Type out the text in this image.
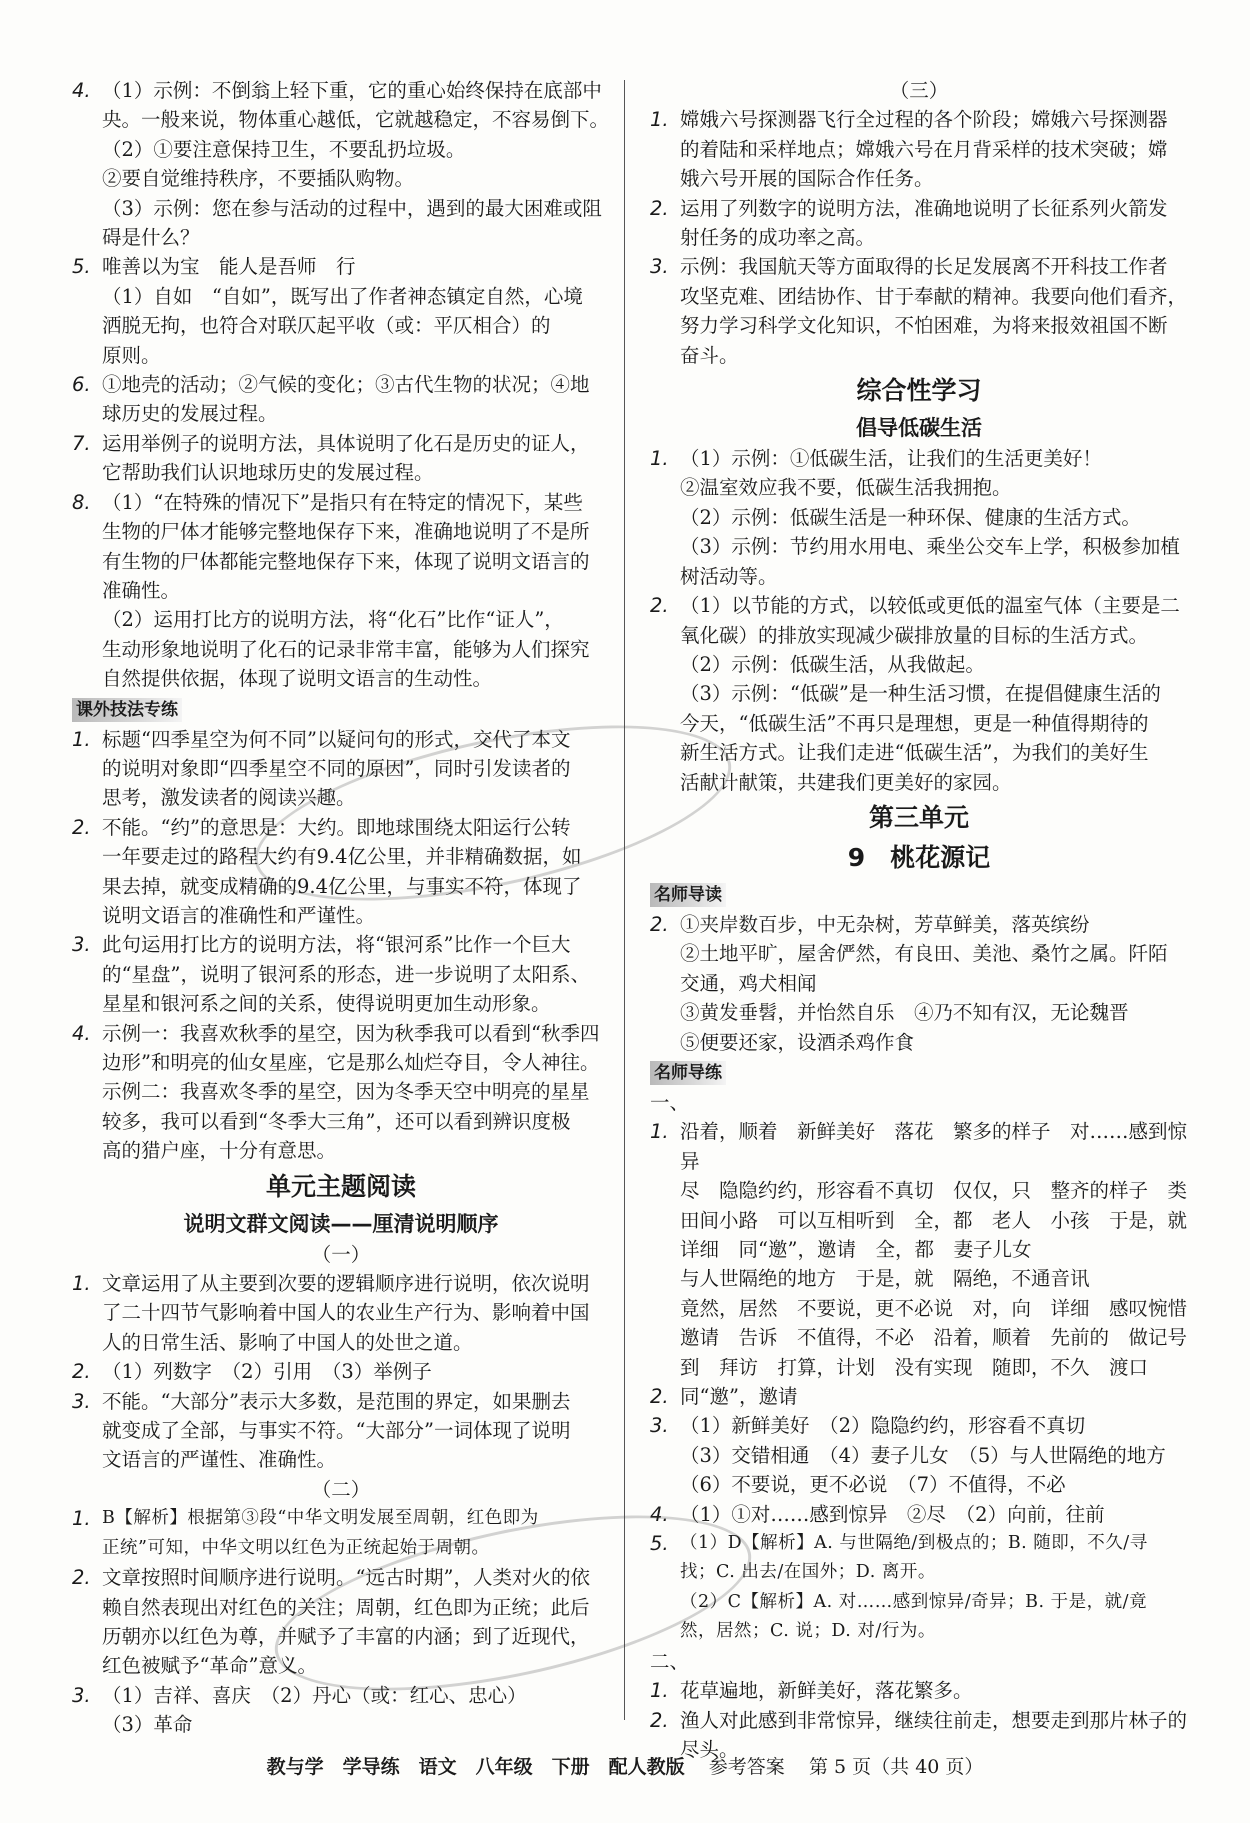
4. （1）示例：不倒翁上轻下重，它的重心始终保持在底部中
央。一般来说，物体重心越低，它就越稳定，不容易倒下。
（2）①要注意保持卫生，不要乱扔垃圾。
②要自觉维持秩序，不要插队购物。
（3）示例：您在参与活动的过程中，遇到的最大困难或阻
碍是什么？
5. 唯善以为宝　能人是吾师　行
（1）自如　“自如”，既写出了作者神态镇定自然，心境
洒脱无拘，也符合对联仄起平收（或：平仄相合）的
原则。
6. ①地壳的活动；②气候的变化；③古代生物的状况；④地
球历史的发展过程。
7. 运用举例子的说明方法，具体说明了化石是历史的证人，
它帮助我们认识地球历史的发展过程。
8. （1）“在特殊的情况下”是指只有在特定的情况下，某些
生物的尸体才能够完整地保存下来，准确地说明了不是所
有生物的尸体都能完整地保存下来，体现了说明文语言的
准确性。
（2）运用打比方的说明方法，将“化石”比作“证人”，
生动形象地说明了化石的记录非常丰富，能够为人们探究
自然提供依据，体现了说明文语言的生动性。
课外技法专练
1. 标题“四季星空为何不同”以疑问句的形式，交代了本文
的说明对象即“四季星空不同的原因”，同时引发读者的
思考，激发读者的阅读兴趣。
2. 不能。“约”的意思是：大约。即地球围绕太阳运行公转
一年要走过的路程大约有9.4亿公里，并非精确数据，如
果去掉，就变成精确的9.4亿公里，与事实不符，体现了
说明文语言的准确性和严谨性。
3. 此句运用打比方的说明方法，将“银河系”比作一个巨大
的“星盘”，说明了银河系的形态，进一步说明了太阳系、
星星和银河系之间的关系，使得说明更加生动形象。
4. 示例一：我喜欢秋季的星空，因为秋季我可以看到“秋季四
边形”和明亮的仙女星座，它是那么灿烂夺目，令人神往。
示例二：我喜欢冬季的星空，因为冬季天空中明亮的星星
较多，我可以看到“冬季大三角”，还可以看到辨识度极
高的猎户座，十分有意思。
单元主题阅读
说明文群文阅读——厘清说明顺序
（一）
1. 文章运用了从主要到次要的逻辑顺序进行说明，依次说明
了二十四节气影响着中国人的农业生产行为、影响着中国
人的日常生活、影响了中国人的处世之道。
2. （1）列数字　（2）引用　（3）举例子
3. 不能。“大部分”表示大多数，是范围的界定，如果删去
就变成了全部，与事实不符。“大部分”一词体现了说明
文语言的严谨性、准确性。
（二）
1. B【解析】根据第③段“中华文明发展至周朝，红色即为
正统”可知，中华文明以红色为正统起始于周朝。
2. 文章按照时间顺序进行说明。“远古时期”，人类对火的依
赖自然表现出对红色的关注；周朝，红色即为正统；此后
历朝亦以红色为尊，并赋予了丰富的内涵；到了近现代，
红色被赋予“革命”意义。
3. （1）吉祥、喜庆　（2）丹心（或：红心、忠心）
（3）革命
（三）
1. 嫦娥六号探测器飞行全过程的各个阶段；嫦娥六号探测器
的着陆和采样地点；嫦娥六号在月背采样的技术突破；嫦
娥六号开展的国际合作任务。
2. 运用了列数字的说明方法，准确地说明了长征系列火箭发
射任务的成功率之高。
3. 示例：我国航天等方面取得的长足发展离不开科技工作者
攻坚克难、团结协作、甘于奉献的精神。我要向他们看齐，
努力学习科学文化知识，不怕困难，为将来报效祖国不断
奋斗。
综合性学习
倡导低碳生活
1. （1）示例：①低碳生活，让我们的生活更美好！
②温室效应我不要，低碳生活我拥抱。
（2）示例：低碳生活是一种环保、健康的生活方式。
（3）示例：节约用水用电、乘坐公交车上学，积极参加植
树活动等。
2. （1）以节能的方式，以较低或更低的温室气体（主要是二
氧化碳）的排放实现减少碳排放量的目标的生活方式。
（2）示例：低碳生活，从我做起。
（3）示例：“低碳”是一种生活习惯，在提倡健康生活的
今天，“低碳生活”不再只是理想，更是一种值得期待的
新生活方式。让我们走进“低碳生活”，为我们的美好生
活献计献策，共建我们更美好的家园。
第三单元
9　桃花源记
名师导读
2. ①夹岸数百步，中无杂树，芳草鲜美，落英缤纷
②土地平旷，屋舍俨然，有良田、美池、桑竹之属。阡陌
交通，鸡犬相闻
③黄发垂髫，并怡然自乐　④乃不知有汉，无论魏晋
⑤便要还家，设酒杀鸡作食
名师导练
一、
1. 沿着，顺着　新鲜美好　落花　繁多的样子　对……感到惊异
尽　隐隐约约，形容看不真切　仅仅，只　整齐的样子　类
田间小路　可以互相听到　全，都　老人　小孩　于是，就
详细　同“邀”，邀请　全，都　妻子儿女
与人世隔绝的地方　于是，就　隔绝，不通音讯
竟然，居然　不要说，更不必说　对，向　详细　感叹惋惜
邀请　告诉　不值得，不必　沿着，顺着　先前的　做记号
到　拜访　打算，计划　没有实现　随即，不久　渡口
2. 同“邀”，邀请
3. （1）新鲜美好　（2）隐隐约约，形容看不真切
（3）交错相通　（4）妻子儿女　（5）与人世隔绝的地方
（6）不要说，更不必说　（7）不值得，不必
4. （1）①对……感到惊异　②尽　（2）向前，往前
5. （1）D【解析】A. 与世隔绝/到极点的；B. 随即，不久/寻
找；C. 出去/在国外；D. 离开。
（2）C【解析】A. 对……感到惊异/奇异；B. 于是，就/竟
然，居然；C. 说；D. 对/行为。
二、
1. 花草遍地，新鲜美好，落花繁多。
2. 渔人对此感到非常惊异，继续往前走，想要走到那片林子的
尽头。
教与学　学导练　语文　八年级　下册　配人教版 参考答案 第 5 页（共 40 页）
